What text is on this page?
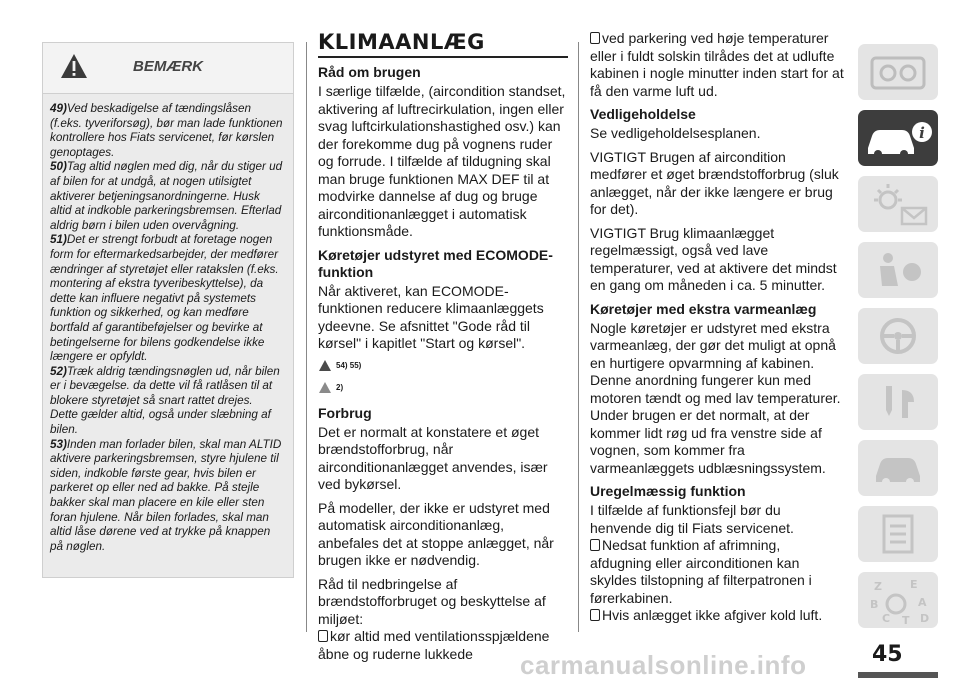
BEMÆRK

49)Ved beskadigelse af tændingslåsen (f.eks. tyveriforsøg), bør man lade funktionen kontrollere hos Fiats servicenet, før kørslen genoptages.

50)Tag altid nøglen med dig, når du stiger ud af bilen for at undgå, at nogen utilsigtet aktiverer betjeningsanordningerne. Husk altid at indkoble parkeringsbremsen. Efterlad aldrig børn i bilen uden overvågning.

51)Det er strengt forbudt at foretage nogen form for eftermarkedsarbejder, der medfører ændringer af styretøjet eller ratakslen (f.eks. montering af ekstra tyveribeskyttelse), da dette kan influere negativt på systemets funktion og sikkerhed, og kan medføre bortfald af garantibeføjelser og bevirke at betingelserne for bilens godkendelse ikke længere er opfyldt.

52)Træk aldrig tændingsnøglen ud, når bilen er i bevægelse. da dette vil få ratlåsen til at blokere styretøjet så snart rattet drejes. Dette gælder altid, også under slæbning af bilen.

53)Inden man forlader bilen, skal man ALTID aktivere parkeringsbremsen, styre hjulene til siden, indkoble første gear, hvis bilen er parkeret op eller ned ad bakke. På stejle bakker skal man placere en kile eller sten foran hjulene. Når bilen forlades, skal man altid låse dørene ved at trykke på knappen på nøglen.

KLIMAANLÆG
Råd om brugen

I særlige tilfælde, (aircondition standset, aktivering af luftrecirkulation, ingen eller svag luftcirkulationshastighed osv.) kan der forekomme dug på vognens ruder og forrude. I tilfælde af tildugning skal man bruge funktionen MAX DEF til at modvirke dannelse af dug og bruge airconditionanlægget i automatisk funktionsmåde.

Køretøjer udstyret med ECOMODE-funktion

Når aktiveret, kan ECOMODE-funktionen reducere klimaanlæggets ydeevne. Se afsnittet "Gode råd til kørsel" i kapitlet "Start og kørsel".

54) 55)
2)
Forbrug

Det er normalt at konstatere et øget brændstofforbrug, når airconditionanlægget anvendes, især ved bykørsel.

På modeller, der ikke er udstyret med automatisk airconditionanlæg, anbefales det at stoppe anlægget, når brugen ikke er nødvendig.

Råd til nedbringelse af brændstofforbruget og beskyttelse af miljøet:

kør altid med ventilationsspjældene åbne og ruderne lukkede

ved parkering ved høje temperaturer eller i fuldt solskin tilrådes det at udlufte kabinen i nogle minutter inden start for at få den varme luft ud.

Vedligeholdelse

Se vedligeholdelsesplanen.

VIGTIGT Brugen af aircondition medfører et øget brændstofforbrug (sluk anlægget, når der ikke længere er brug for det).

VIGTIGT Brug klimaanlægget regelmæssigt, også ved lave temperaturer, ved at aktivere det mindst en gang om måneden i ca. 5 minutter.

Køretøjer med ekstra varmeanlæg

Nogle køretøjer er udstyret med ekstra varmeanlæg, der gør det muligt at opnå en hurtigere opvarmning af kabinen. Denne anordning fungerer kun med motoren tændt og med lav temperaturer. Under brugen er det normalt, at der kommer lidt røg ud fra venstre side af vognen, som kommer fra varmeanlæggets udblæsningssystem.

Uregelmæssig funktion

I tilfælde af funktionsfejl bør du henvende dig til Fiats servicenet.

Nedsat funktion af afrimning, afdugning eller airconditionen kan skyldes tilstopning af filterpatronen i førerkabinen.

Hvis anlægget ikke afgiver kold luft.

i
Z	E
B	A
C T D
carmanualsonline.info	45
